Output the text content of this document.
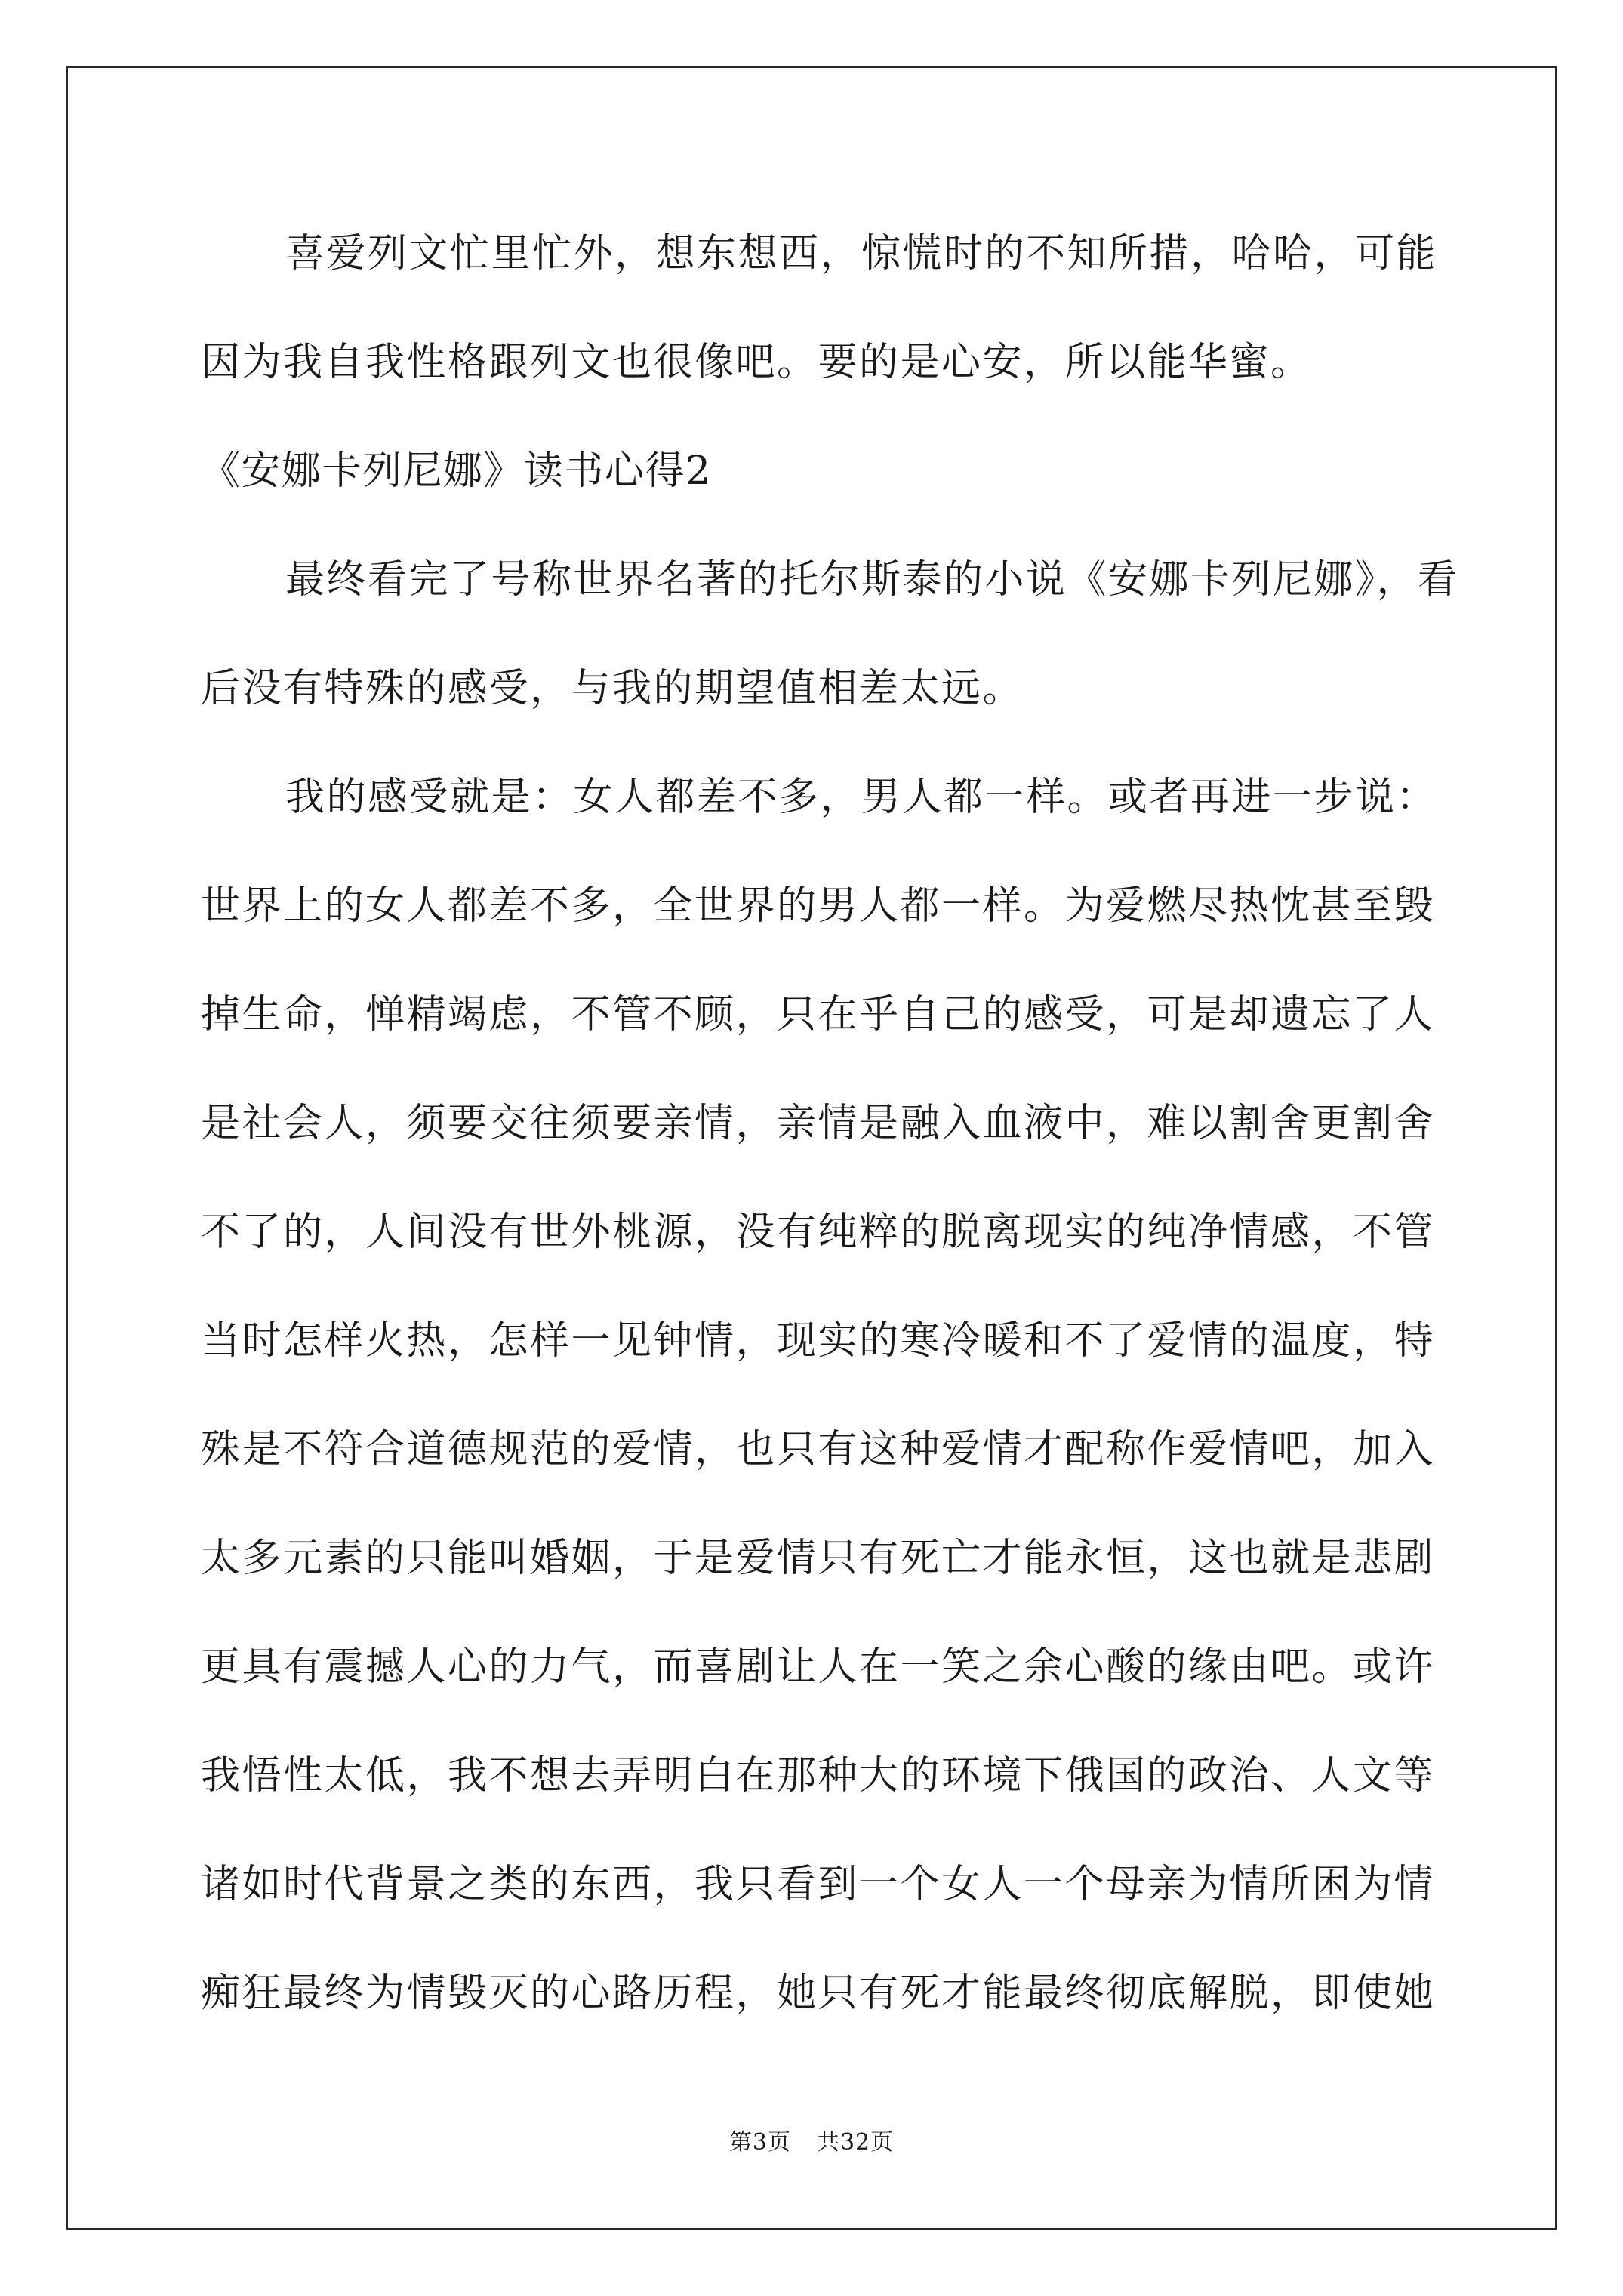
喜爱列文忙里忙外，想东想西，惊慌时的不知所措，哈哈，可能
因为我自我性格跟列文也很像吧。要的是心安，所以能华蜜。
《安娜卡列尼娜》读书心得2
最终看完了号称世界名著的托尔斯泰的小说《安娜卡列尼娜》，看
后没有特殊的感受，与我的期望值相差太远。
我的感受就是：女人都差不多，男人都一样。或者再进一步说：
世界上的女人都差不多，全世界的男人都一样。为爱燃尽热忱甚至毁
掉生命，惮精竭虑，不管不顾，只在乎自己的感受，可是却遗忘了人
是社会人，须要交往须要亲情，亲情是融入血液中，难以割舍更割舍
不了的，人间没有世外桃源，没有纯粹的脱离现实的纯净情感，不管
当时怎样火热，怎样一见钟情，现实的寒冷暖和不了爱情的温度，特
殊是不符合道德规范的爱情，也只有这种爱情才配称作爱情吧，加入
太多元素的只能叫婚姻，于是爱情只有死亡才能永恒，这也就是悲剧
更具有震撼人心的力气，而喜剧让人在一笑之余心酸的缘由吧。或许
我悟性太低，我不想去弄明白在那种大的环境下俄国的政治、人文等
诸如时代背景之类的东西，我只看到一个女人一个母亲为情所困为情
痴狂最终为情毁灭的心路历程，她只有死才能最终彻底解脱，即使她
第3页 共32页
